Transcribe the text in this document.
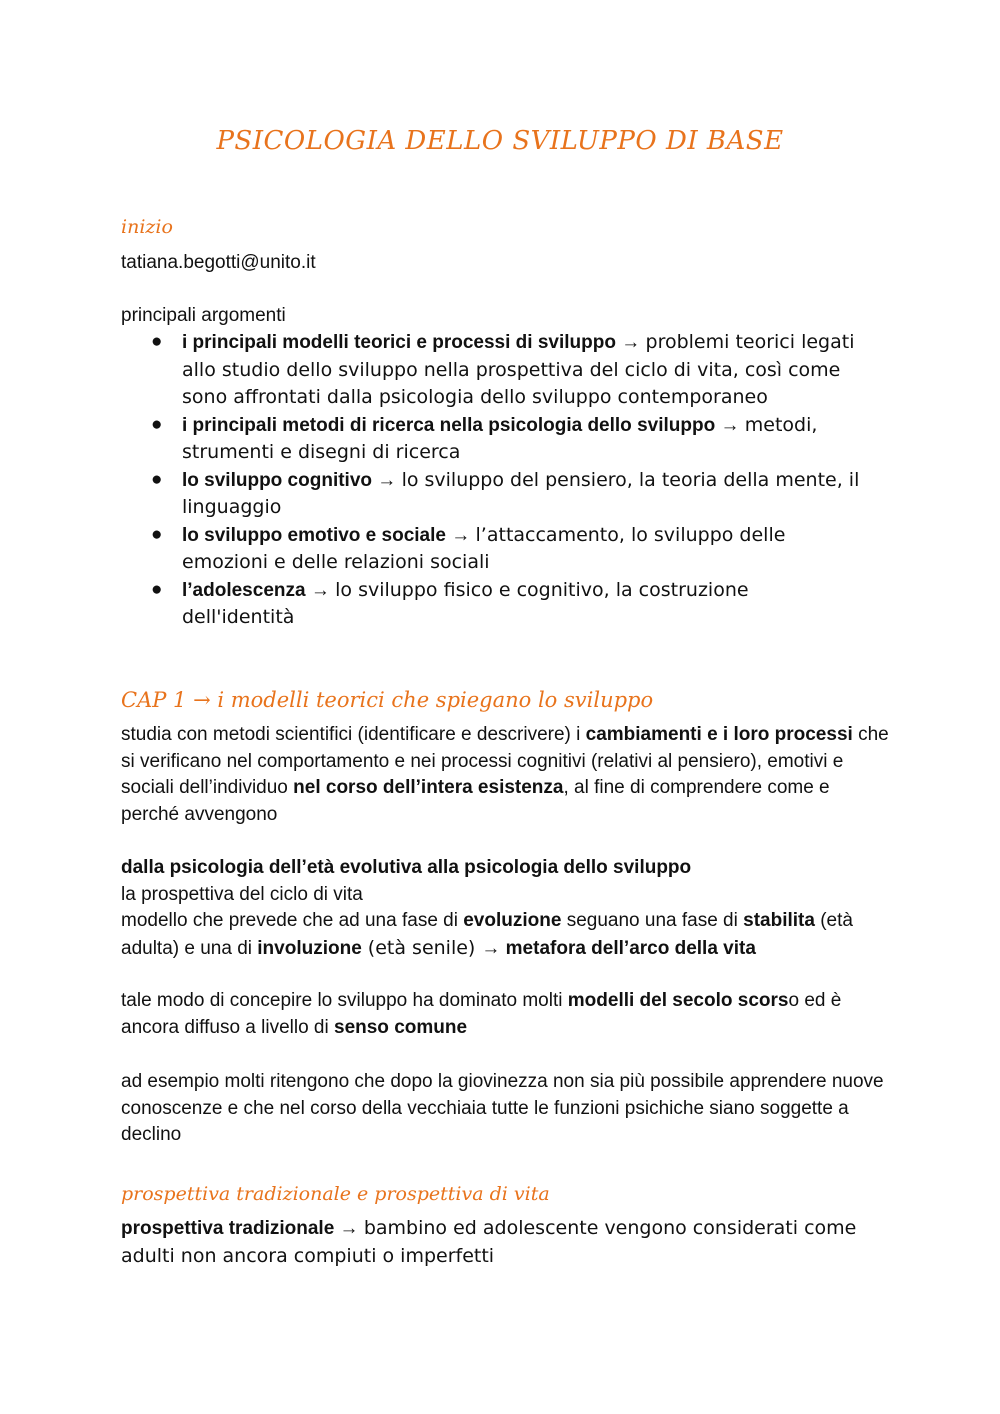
PSICOLOGIA DELLO SVILUPPO DI BASE
inizio
tatiana.begotti@unito.it
principali argomenti
● i principali modelli teorici e processi di sviluppo → problemi teorici legati allo studio dello sviluppo nella prospettiva del ciclo di vita, così come sono affrontati dalla psicologia dello sviluppo contemporaneo
● i principali metodi di ricerca nella psicologia dello sviluppo → metodi, strumenti e disegni di ricerca
● lo sviluppo cognitivo → lo sviluppo del pensiero, la teoria della mente, il linguaggio
● lo sviluppo emotivo e sociale → l’attaccamento, lo sviluppo delle emozioni e delle relazioni sociali
● l’adolescenza → lo sviluppo fisico e cognitivo, la costruzione dell'identità
CAP 1 → i modelli teorici che spiegano lo sviluppo
studia con metodi scientifici (identificare e descrivere) i cambiamenti e i loro processi che si verificano nel comportamento e nei processi cognitivi (relativi al pensiero), emotivi e sociali dell’individuo nel corso dell’intera esistenza, al fine di comprendere come e perché avvengono
dalla psicologia dell’età evolutiva alla psicologia dello sviluppo
la prospettiva del ciclo di vita
modello che prevede che ad una fase di evoluzione seguano una fase di stabilita (età adulta) e una di involuzione (età senile) → metafora dell’arco della vita
tale modo di concepire lo sviluppo ha dominato molti modelli del secolo scorso ed è ancora diffuso a livello di senso comune
ad esempio molti ritengono che dopo la giovinezza non sia più possibile apprendere nuove conoscenze e che nel corso della vecchiaia tutte le funzioni psichiche siano soggette a declino
prospettiva tradizionale e prospettiva di vita
prospettiva tradizionale → bambino ed adolescente vengono considerati come adulti non ancora compiuti o imperfetti
